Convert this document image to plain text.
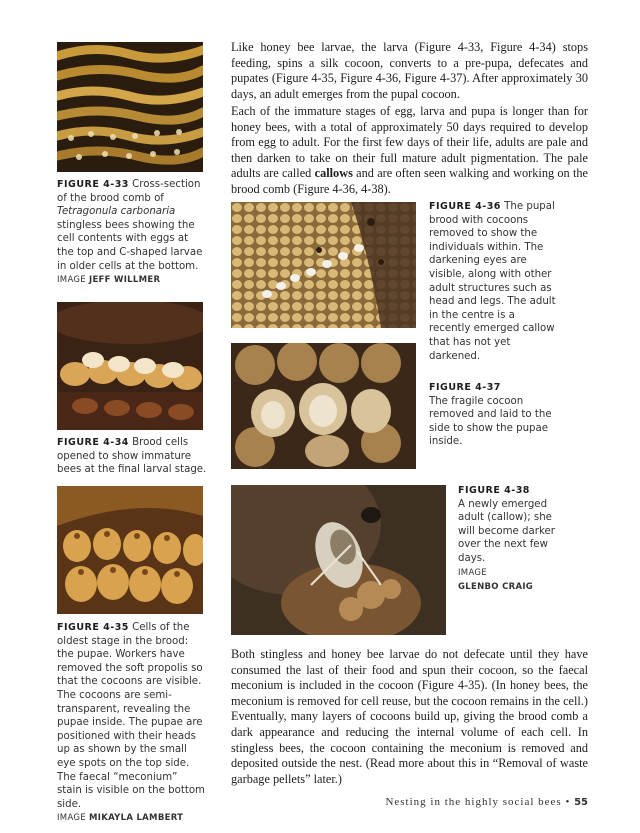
FIGURE 4-33 Cross-section of the brood comb of Tetragonula carbonaria stingless bees showing the cell contents with eggs at the top and C-shaped larvae in older cells at the bottom. IMAGE JEFF WILLMER
FIGURE 4-34 Brood cells opened to show immature bees at the final larval stage.
FIGURE 4-35 Cells of the oldest stage in the brood: the pupae. Workers have removed the soft propolis so that the cocoons are visible. The cocoons are semi-transparent, revealing the pupae inside. The pupae are positioned with their heads up as shown by the small eye spots on the top side. The faecal “meconium” stain is visible on the bottom side.
IMAGE MIKAYLA LAMBERT
FIGURE 4-36 The pupal brood with cocoons removed to show the individuals within. The darkening eyes are visible, along with other adult structures such as head and legs. The adult in the centre is a recently emerged callow that has not yet darkened.
FIGURE 4-37
The fragile cocoon removed and laid to the side to show the pupae inside.
FIGURE 4-38
A newly emerged adult (callow); she will become darker over the next few days.
IMAGE
GLENBO CRAIG

Like honey bee larvae, the larva (Figure 4-33, Figure 4-34) stops feeding, spins a silk cocoon, converts to a pre-pupa, defecates and pupates (Figure 4-35, Figure 4-36, Figure 4-37). After approximately 30 days, an adult emerges from the pupal cocoon.

Each of the immature stages of egg, larva and pupa is longer than for honey bees, with a total of approximately 50 days required to develop from egg to adult. For the first few days of their life, adults are pale and then darken to take on their full mature adult pigmentation. The pale adults are called callows and are often seen walking and working on the brood comb (Figure 4-36, 4-38).

Both stingless and honey bee larvae do not defecate until they have consumed the last of their food and spun their cocoon, so the faecal meconium is included in the cocoon (Figure 4-35). (In honey bees, the meconium is removed for cell reuse, but the cocoon remains in the cell.) Eventually, many layers of cocoons build up, giving the brood comb a dark appearance and reducing the internal volume of each cell. In stingless bees, the cocoon containing the meconium is removed and deposited outside the nest. (Read more about this in “Removal of waste garbage pellets” later.)

Nesting in the highly social bees • 55
